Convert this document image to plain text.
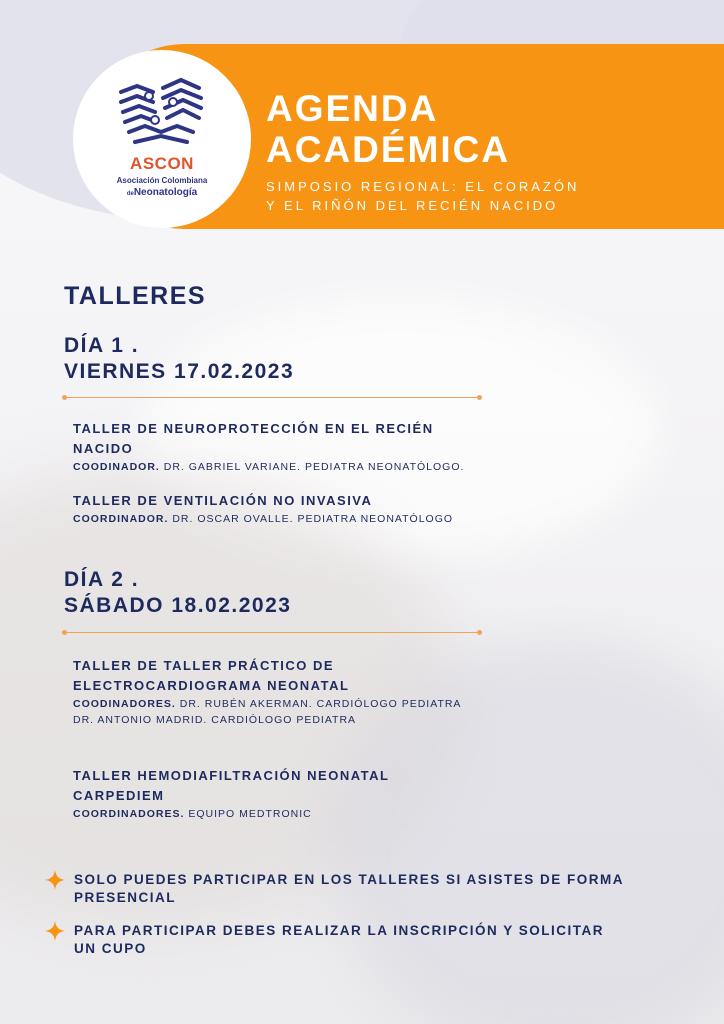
ASCON
Asociación Colombiana
deNeonatología
AGENDA
ACADÉMICA
SIMPOSIO REGIONAL: EL CORAZÓN
Y EL RIÑÓN DEL RECIÉN NACIDO
TALLERES
DÍA 1 .
VIERNES 17.02.2023
TALLER DE NEUROPROTECCIÓN EN EL RECIÉN
NACIDO
COODINADOR. DR. GABRIEL VARIANE. PEDIATRA NEONATÓLOGO.
TALLER DE VENTILACIÓN NO INVASIVA
COORDINADOR. DR. OSCAR OVALLE. PEDIATRA NEONATÓLOGO
DÍA 2 .
SÁBADO 18.02.2023
TALLER DE TALLER PRÁCTICO DE
ELECTROCARDIOGRAMA NEONATAL
COODINADORES. DR. RUBÉN AKERMAN. CARDIÓLOGO PEDIATRA
DR. ANTONIO MADRID. CARDIÓLOGO PEDIATRA
TALLER HEMODIAFILTRACIÓN NEONATAL
CARPEDIEM
COORDINADORES. EQUIPO MEDTRONIC
SOLO PUEDES PARTICIPAR EN LOS TALLERES SI ASISTES DE FORMA
PRESENCIAL
PARA PARTICIPAR DEBES REALIZAR LA INSCRIPCIÓN Y SOLICITAR
UN CUPO
